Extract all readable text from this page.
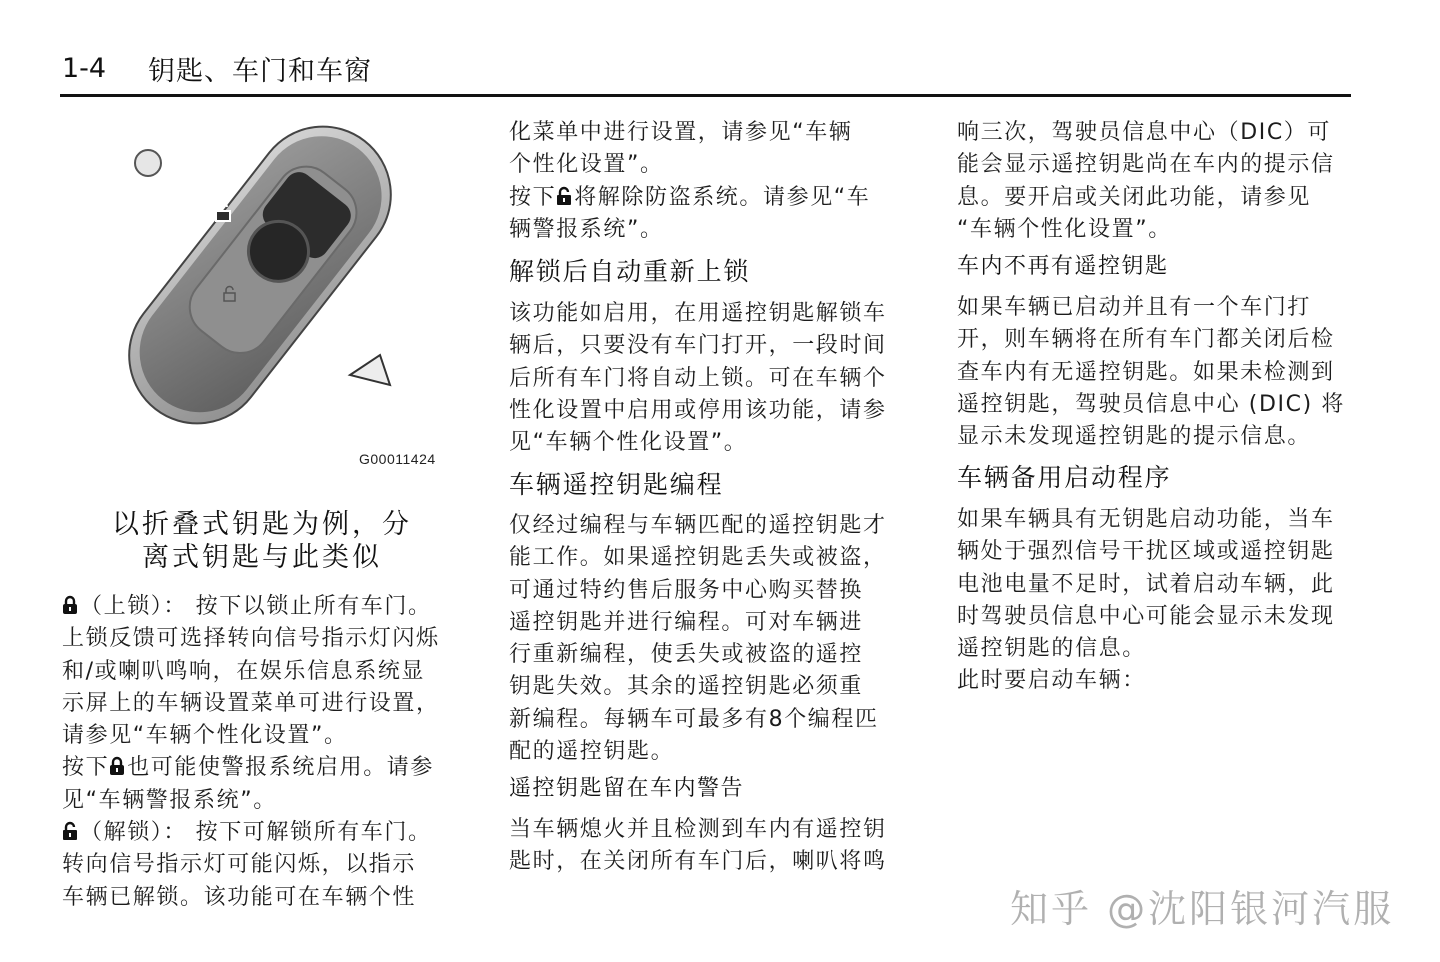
1-4	钥匙、车门和车窗
G00011424
以折叠式钥匙为例，分
离式钥匙与此类似
（上锁）： 按下以锁止所有车门。
上锁反馈可选择转向信号指示灯闪烁
和/或喇叭鸣响，在娱乐信息系统显
示屏上的车辆设置菜单可进行设置，
请参见“车辆个性化设置”。
按下 也可能使警报系统启用。请参
见“车辆警报系统”。
（解锁）： 按下可解锁所有车门。
转向信号指示灯可能闪烁，以指示
车辆已解锁。该功能可在车辆个性
化菜单中进行设置，请参见“车辆
个性化设置”。
按下 将解除防盗系统。请参见“车
辆警报系统”。
解锁后自动重新上锁
该功能如启用，在用遥控钥匙解锁车
辆后，只要没有车门打开，一段时间
后所有车门将自动上锁。可在车辆个
性化设置中启用或停用该功能，请参
见“车辆个性化设置”。
车辆遥控钥匙编程
仅经过编程与车辆匹配的遥控钥匙才
能工作。如果遥控钥匙丢失或被盗，
可通过特约售后服务中心购买替换
遥控钥匙并进行编程。可对车辆进
行重新编程，使丢失或被盗的遥控
钥匙失效。其余的遥控钥匙必须重
新编程。每辆车可最多有8个编程匹
配的遥控钥匙。
遥控钥匙留在车内警告
当车辆熄火并且检测到车内有遥控钥
匙时，在关闭所有车门后，喇叭将鸣
响三次，驾驶员信息中心（DIC）可
能会显示遥控钥匙尚在车内的提示信
息。要开启或关闭此功能，请参见
“车辆个性化设置”。
车内不再有遥控钥匙
如果车辆已启动并且有一个车门打
开，则车辆将在所有车门都关闭后检
查车内有无遥控钥匙。如果未检测到
遥控钥匙，驾驶员信息中心 (DIC) 将
显示未发现遥控钥匙的提示信息。
车辆备用启动程序
如果车辆具有无钥匙启动功能，当车
辆处于强烈信号干扰区域或遥控钥匙
电池电量不足时，试着启动车辆，此
时驾驶员信息中心可能会显示未发现
遥控钥匙的信息。
此时要启动车辆：
知乎 @沈阳银河汽服
